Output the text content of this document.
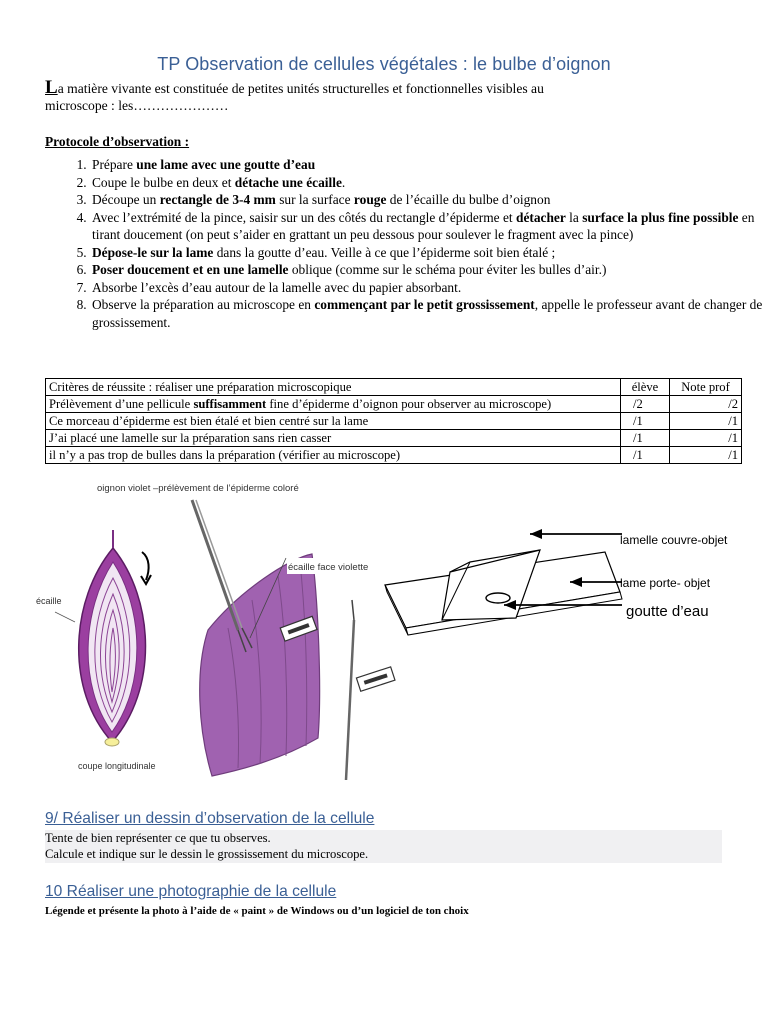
TP Observation de cellules végétales : le bulbe d’oignon
La matière vivante est constituée de petites unités structurelles et fonctionnelles visibles au
microscope : les…………………
Protocole d’observation :
1. Prépare une lame avec une goutte d’eau
2. Coupe le bulbe en deux et détache une écaille.
3. Découpe un rectangle de 3-4 mm sur la surface rouge de l’écaille du bulbe d’oignon
4. Avec l’extrémité de la pince, saisir sur un des côtés du rectangle d’épiderme et détacher la surface la plus fine possible en tirant doucement (on peut s’aider en grattant un peu dessous pour soulever le fragment avec la pince)
5. Dépose-le sur la lame dans la goutte d’eau. Veille à ce que l’épiderme soit bien étalé ;
6. Poser doucement et en une lamelle oblique (comme sur le schéma pour éviter les bulles d’air.)
7. Absorbe l’excès d’eau autour de la lamelle avec du papier absorbant.
8. Observe la préparation au microscope en commençant par le petit grossissement, appelle le professeur avant de changer de grossissement.
Critères de réussite : réaliser une préparation microscopique	élève	Note prof
Prélèvement d’une pellicule suffisamment fine d’épiderme d’oignon pour observer au microscope)	/2	/2
Ce morceau d’épiderme est bien étalé et bien centré sur la lame	/1	/1
J’ai placé une lamelle sur la préparation sans rien casser	/1	/1
il n’y a pas trop de bulles dans la préparation (vérifier au microscope)	/1	/1
écaille
coupe longitudinale
oignon violet –prélèvement de l’épiderme coloré
écaille face violette
lamelle couvre-objet
lame porte- objet
goutte d’eau
9/ Réaliser un dessin d’observation de la cellule
Tente de bien représenter ce que tu observes.
Calcule et indique sur le dessin le grossissement du microscope.
10 Réaliser une photographie de la cellule
Légende et présente la photo à l’aide de « paint » de Windows ou d’un logiciel de ton choix
